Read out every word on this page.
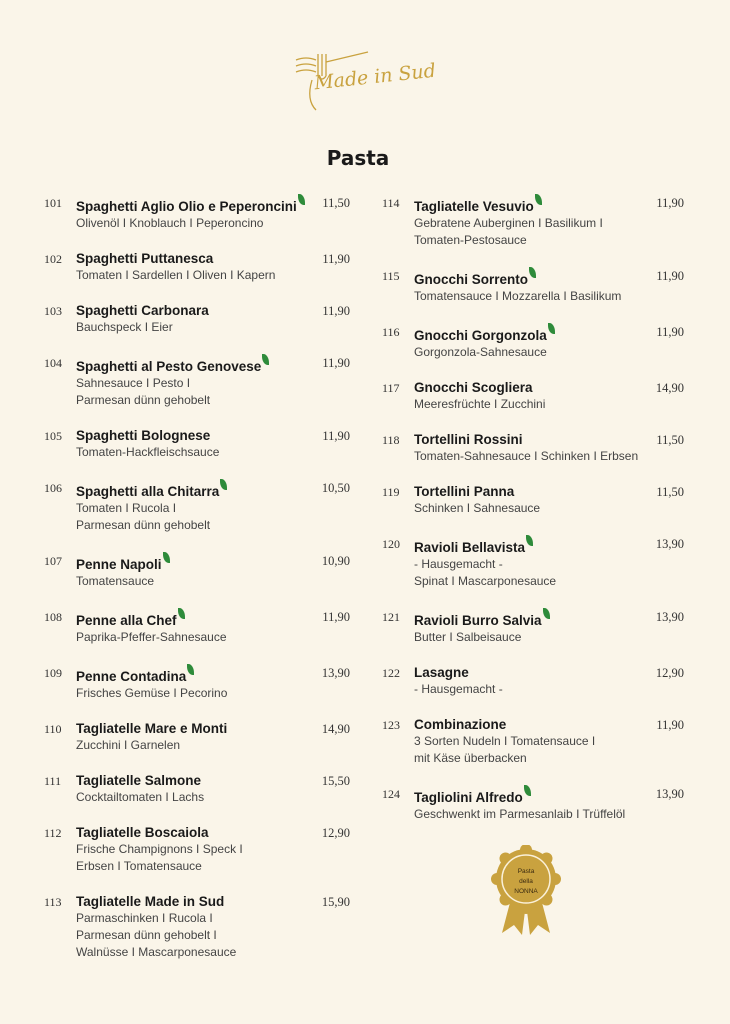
Made in Sud
Pasta
101 Spaghetti Aglio Olio e Peperoncini	11,50
Olivenöl I Knoblauch I Peperoncino
102 Spaghetti Puttanesca	11,90
Tomaten I Sardellen I Oliven I Kapern
103 Spaghetti Carbonara	11,90
Bauchspeck I Eier
104 Spaghetti al Pesto Genovese	11,90
Sahnesauce I Pesto I
Parmesan dünn gehobelt
105 Spaghetti Bolognese	11,90
Tomaten-Hackfleischsauce
106 Spaghetti alla Chitarra	10,50
Tomaten I Rucola I
Parmesan dünn gehobelt
107 Penne Napoli	10,90
Tomatensauce
108 Penne alla Chef	11,90
Paprika-Pfeffer-Sahnesauce
109 Penne Contadina	13,90
Frisches Gemüse I Pecorino
110 Tagliatelle Mare e Monti	14,90
Zucchini I Garnelen
111 Tagliatelle Salmone	15,50
Cocktailtomaten I Lachs
112 Tagliatelle Boscaiola	12,90
Frische Champignons I Speck I
Erbsen I Tomatensauce
113 Tagliatelle Made in Sud	15,90
Parmaschinken I Rucola I
Parmesan dünn gehobelt I
Walnüsse I Mascarponesauce
114 Tagliatelle Vesuvio	11,90
Gebratene Auberginen I Basilikum I
Tomaten-Pestosauce
115 Gnocchi Sorrento	11,90
Tomatensauce I Mozzarella I Basilikum
116 Gnocchi Gorgonzola	11,90
Gorgonzola-Sahnesauce
117 Gnocchi Scogliera	14,90
Meeresfrüchte I Zucchini
118 Tortellini Rossini	11,50
Tomaten-Sahnesauce I Schinken I Erbsen
119 Tortellini Panna	11,50
Schinken I Sahnesauce
120 Ravioli Bellavista	13,90
- Hausgemacht -
Spinat I Mascarponesauce
121 Ravioli Burro Salvia	13,90
Butter I Salbeisauce
122 Lasagne	12,90
- Hausgemacht -
123 Combinazione	11,90
3 Sorten Nudeln I Tomatensauce I
mit Käse überbacken
124 Tagliolini Alfredo	13,90
Geschwenkt im Parmesanlaib I Trüffelöl
Pasta
della
NONNA
